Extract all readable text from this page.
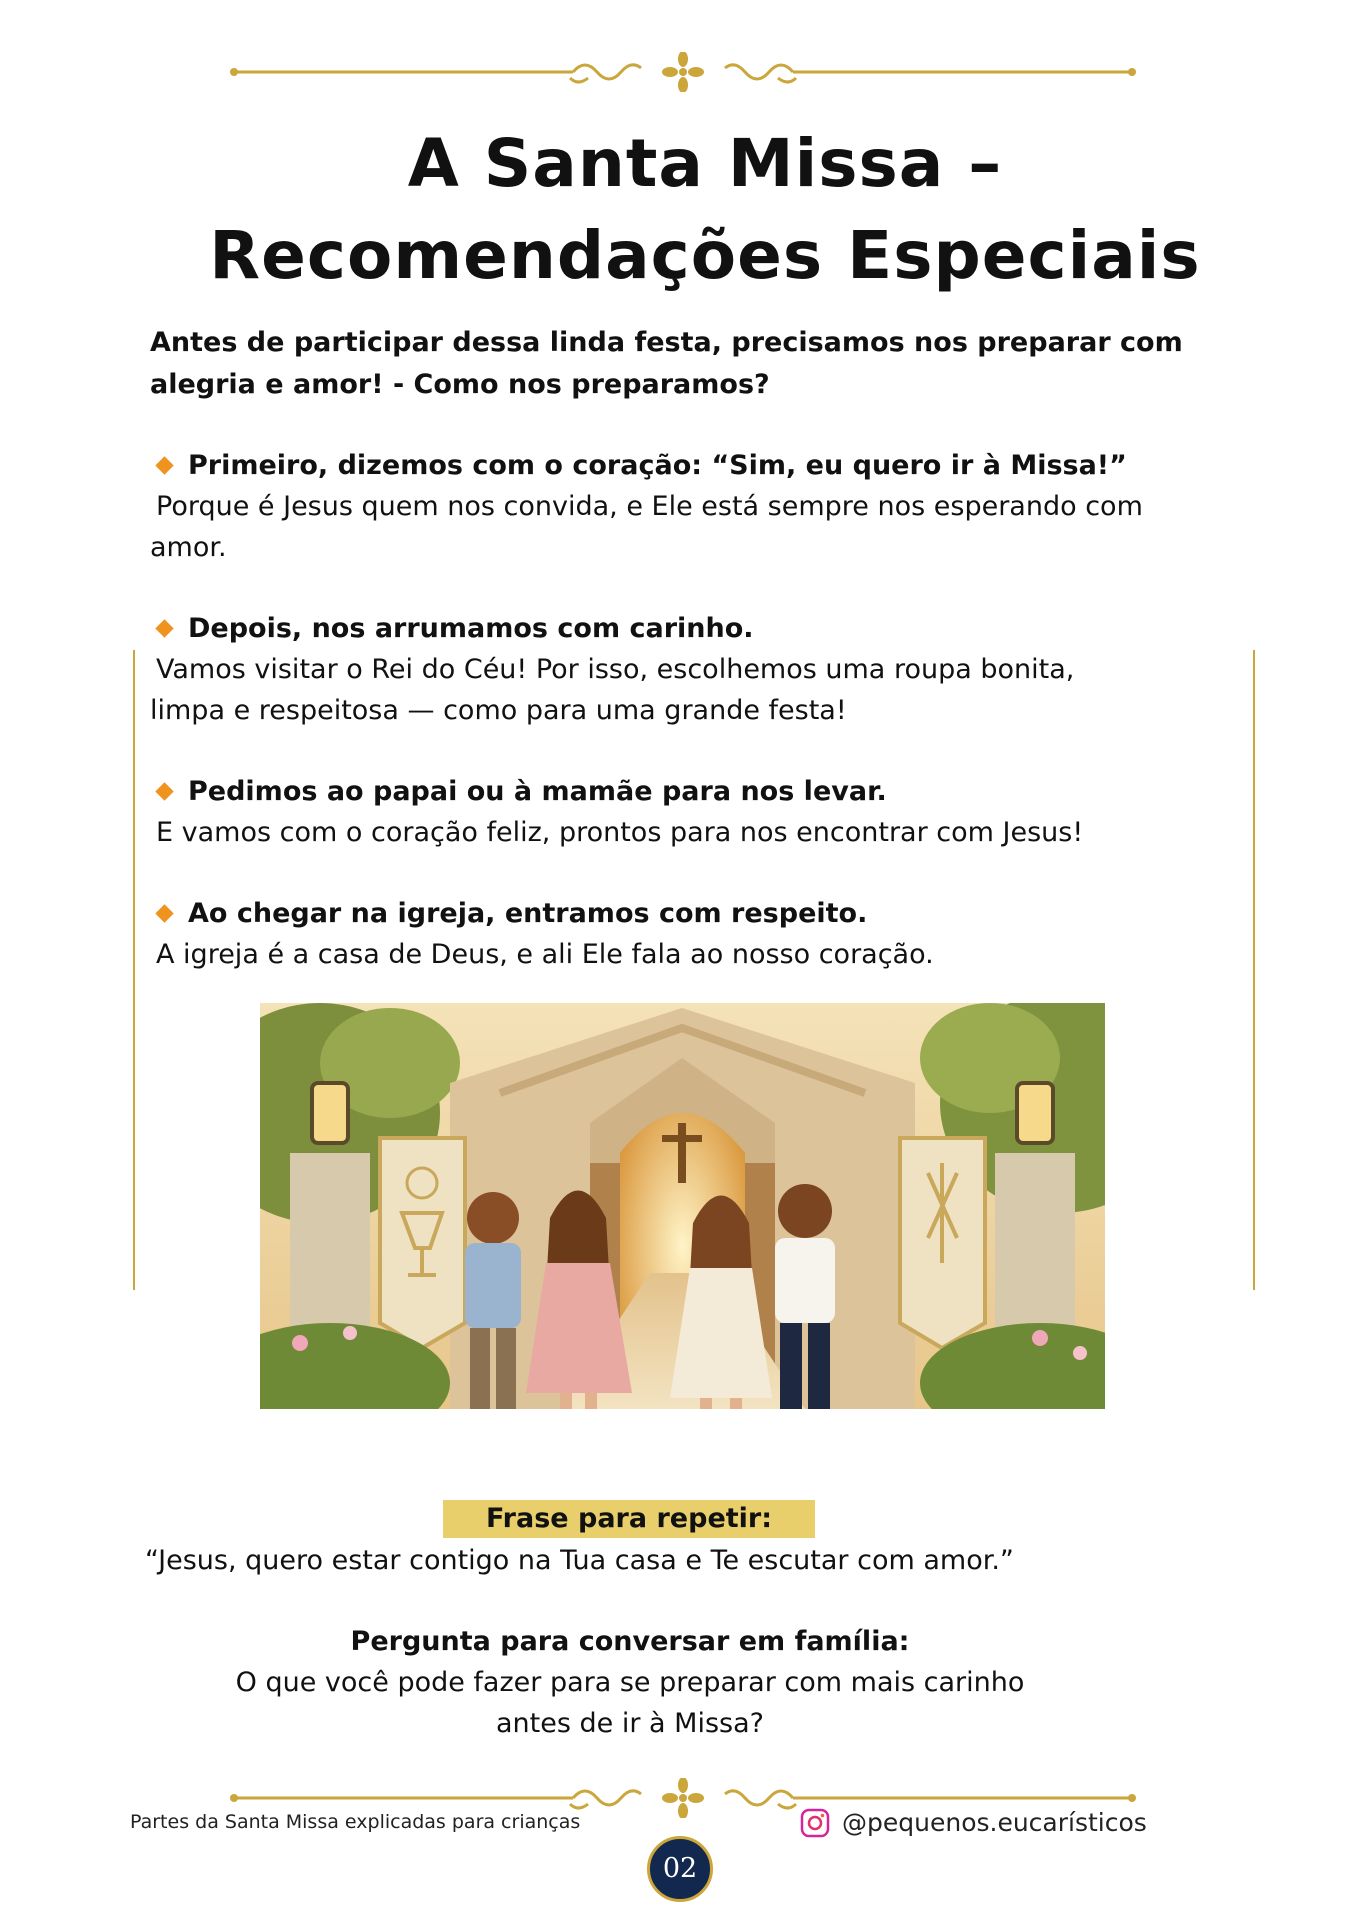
A Santa Missa –
Recomendações Especiais
Antes de participar dessa linda festa, precisamos nos preparar com
alegria e amor! - Como nos preparamos?
Primeiro, dizemos com o coração: “Sim, eu quero ir à Missa!”
Porque é Jesus quem nos convida, e Ele está sempre nos esperando com
amor.
Depois, nos arrumamos com carinho.
Vamos visitar o Rei do Céu! Por isso, escolhemos uma roupa bonita,
limpa e respeitosa — como para uma grande festa!
Pedimos ao papai ou à mamãe para nos levar.
E vamos com o coração feliz, prontos para nos encontrar com Jesus!
Ao chegar na igreja, entramos com respeito.
A igreja é a casa de Deus, e ali Ele fala ao nosso coração.
Frase para repetir:
“Jesus, quero estar contigo na Tua casa e Te escutar com amor.”
Pergunta para conversar em família:
O que você pode fazer para se preparar com mais carinho
antes de ir à Missa?
Partes da Santa Missa explicadas para crianças	@pequenos.eucarísticos
02
